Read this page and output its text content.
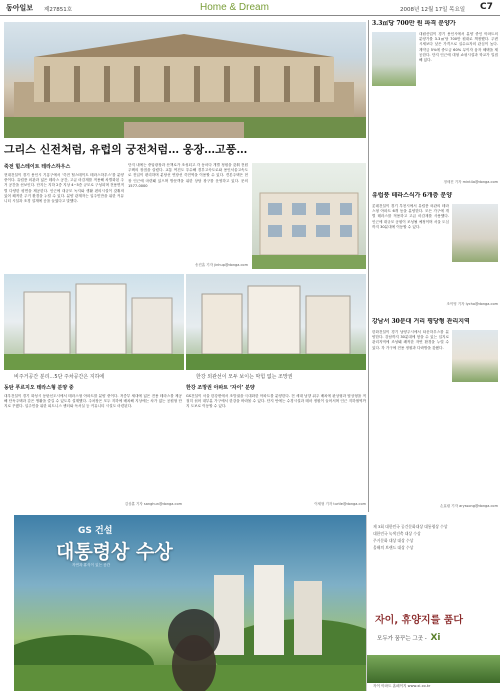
동아일보 제27851호	Home & Dream	2008년 12월 17일 목요일 C7
그리스 신전처럼, 유럽의 궁전처럼… 웅장…고풍…
죽전 힐스테이트 테라스하우스
현대건설이 경기 용인시 기흥구에서 ‘죽전 힐스테이트 테라스하우스’를 분양 중이다. 유럽풍 외관과 넓은 테라스 공간, 고급 마감재를 적용해 차별화된 주거 공간을 선보인다. 단지는 지하 2층 지상 4~5층 규모로 구성되며 전용면적별 다양한 평면을 제공한다. 인근에 대규모 녹지와 생활 편의시설이 갖춰져 있어 쾌적한 주거 환경을 누릴 수 있다. 분양 관계자는 입주민만을 위한 커뮤니티 시설과 조경 설계에 공을 들였다고 말했다.
단지 내에는 중앙광장과 산책로가 조성되고 각 동마다 개별 정원을 갖춰 전원주택의 장점을 살렸다. 교통 여건도 우수해 경부고속도로와 용인서울고속도로 진입이 편리하며 분당선 연장선 죽전역을 이용할 수 있다. 견본주택은 현장 인근에 마련돼 있으며 방문객을 위한 상담 창구를 운영하고 있다. 문의 1577-0000
송진흡 기자 jinhup@donga.com
비주거공간 분리…5단 주차공간은 지하에	한강 외관선이 모두 보이는 막힘 없는 조망권
동탄 푸르지오 테라스형 분양 중
대우건설이 경기 화성시 동탄신도시에서 테라스형 아파트를 분양 중이다. 저층부 세대에 넓은 전용 테라스를 제공해 단독주택과 같은 생활을 즐길 수 있도록 설계했다. 주차장은 모두 지하에 배치해 지상에는 차가 없는 공원형 단지로 꾸몄다. 입주민을 위한 피트니스 센터와 독서실 등 커뮤니티 시설도 마련된다.
김상훈 기자 sanghun@donga.com
한강 조망권 아파트 ‘자이’ 분양
GS건설이 서울 한강변에서 조망권을 극대화한 아파트를 분양한다. 전 세대 남향 위주 배치에 판상형과 탑상형을 적절히 섞어 대부분 가구에서 한강을 바라볼 수 있다. 단지 안에는 수경시설과 테마 정원이 들어서며 인근 지하철역까지 도보로 이동할 수 있다.
이세형 기자 turtle@donga.com
3.3㎡당 700만 원 파격 분양가
대림산업이 경기 용인시에서 분양 중인 아파트의 분양가를 3.3㎡당 700만 원대로 책정했다. 주변 시세보다 낮은 가격으로 실수요자의 관심이 높다. 계약금 5%에 중도금 60% 무이자 융자 혜택을 제공한다. 단지 인근에 대형 쇼핑시설과 학교가 밀집해 있다.
정세진 기자 mint4a@donga.com
유럽풍 테라스식가 6개층 분양
롯데건설이 경기 부천시에서 유럽풍 외관의 테라스형 아파트 6개 동을 분양한다. 모든 가구에 개별 테라스를 적용하고 고급 마감재를 사용했다. 인근에 대규모 공원이 조성될 예정이며 서울 도심까지 30분대에 이동할 수 있다.
조이영 기자 lycho@donga.com
강남서 30분대 거리 평당형 관리지역
한화건설이 경기 남양주시에서 타운하우스를 분양한다. 강남까지 30분대에 닿을 수 있는 입지로 관리지역에 조성돼 쾌적한 자연 환경을 누릴 수 있다. 각 가구에 전용 정원과 다락방을 갖췄다.
손효림 기자 aryssong@donga.com
GS 건설
대통령상 수상
자연과 휴식이 있는 공간
제 3회 대한민국 공간문화대상 대통령상 수상
대한민국 녹색건축 대상 수상
주거문화 대상 대상 수상
올해의 브랜드 대상 수상
자이, 휴양지를 품다
모두가 꿈꾸는 그곳 - Xi
자이 아파트 홈페이지 www.xi.co.kr
